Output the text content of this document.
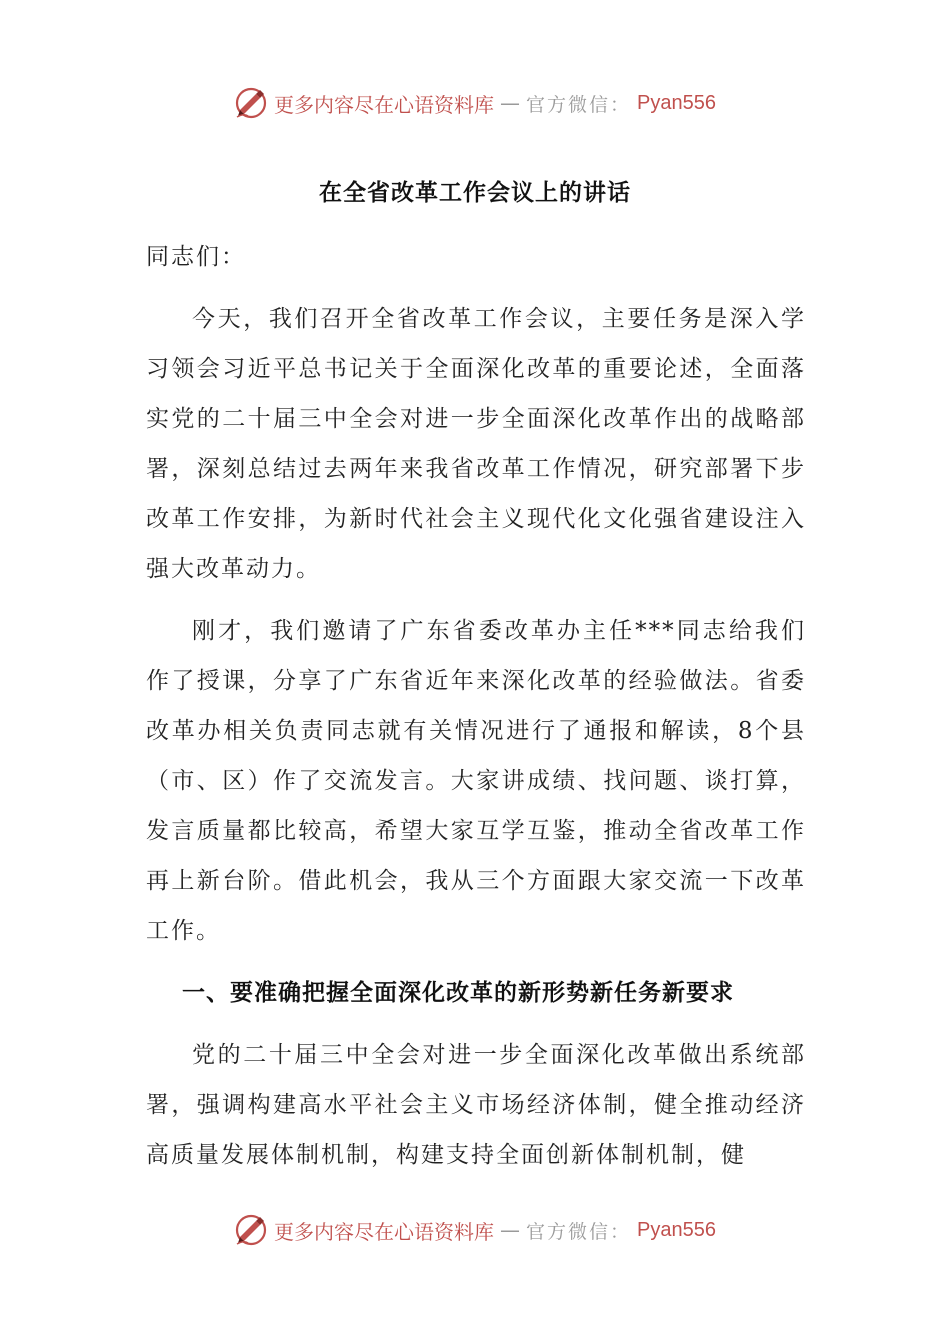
更多内容尽在心语资料库 — 官方微信： Pyan556
在全省改革工作会议上的讲话

同志们：

今天，我们召开全省改革工作会议，主要任务是深入学习领会习近平总书记关于全面深化改革的重要论述，全面落实党的二十届三中全会对进一步全面深化改革作出的战略部署，深刻总结过去两年来我省改革工作情况，研究部署下步改革工作安排，为新时代社会主义现代化文化强省建设注入强大改革动力。

刚才，我们邀请了广东省委改革办主任***同志给我们作了授课，分享了广东省近年来深化改革的经验做法。省委改革办相关负责同志就有关情况进行了通报和解读，8个县（市、区）作了交流发言。大家讲成绩、找问题、谈打算，发言质量都比较高，希望大家互学互鉴，推动全省改革工作再上新台阶。借此机会，我从三个方面跟大家交流一下改革工作。

一、要准确把握全面深化改革的新形势新任务新要求

党的二十届三中全会对进一步全面深化改革做出系统部署，强调构建高水平社会主义市场经济体制，健全推动经济高质量发展体制机制，构建支持全面创新体制机制，健

更多内容尽在心语资料库 — 官方微信： Pyan556
